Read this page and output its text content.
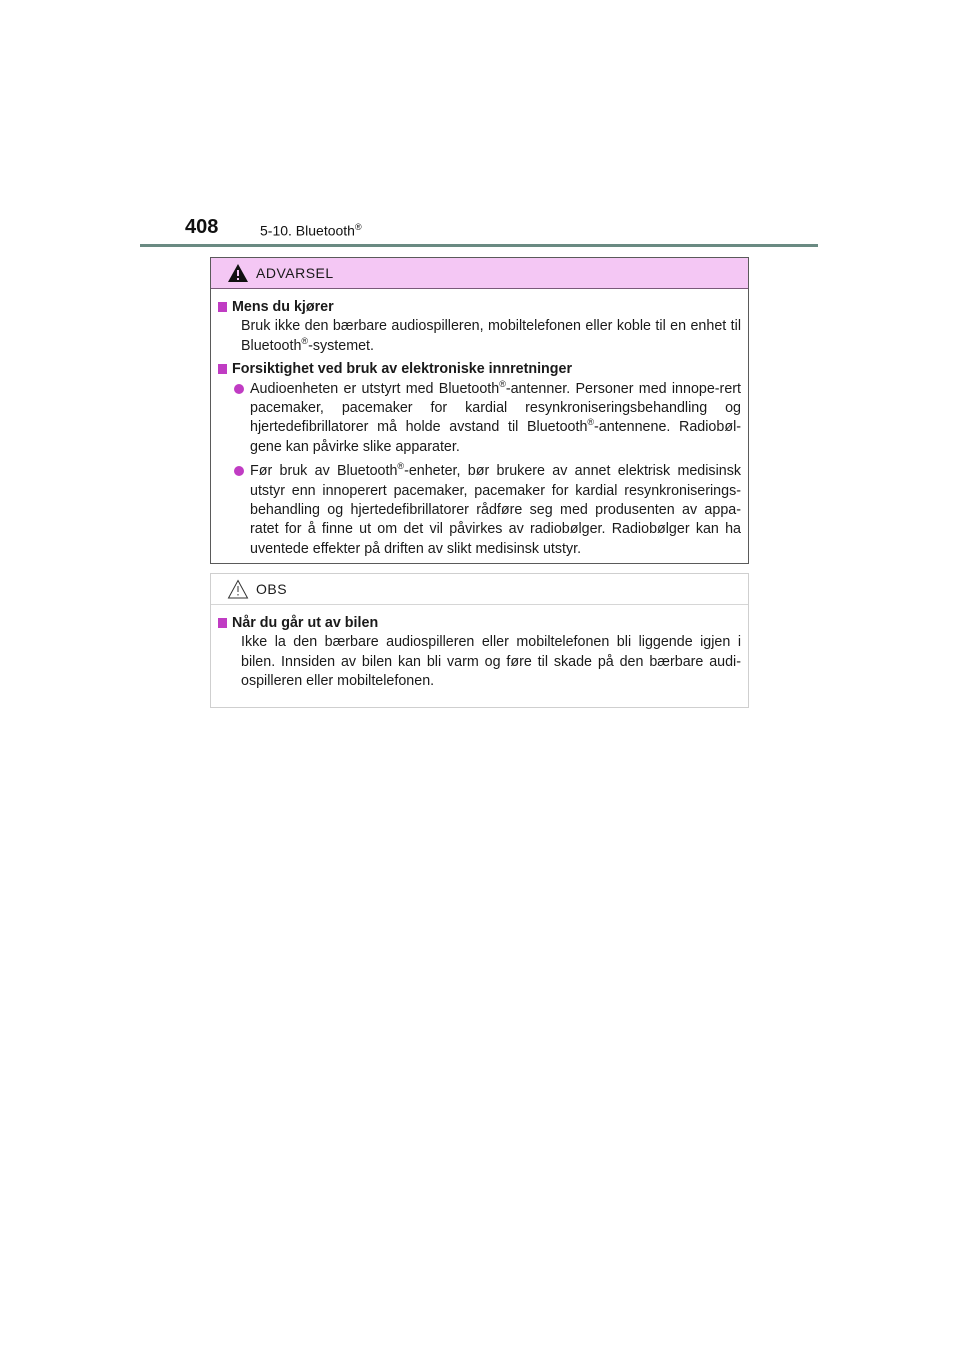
408	5-10. Bluetooth®
ADVARSEL
Mens du kjører
Bruk ikke den bærbare audiospilleren, mobiltelefonen eller koble til en enhet til Bluetooth®-systemet.
Forsiktighet ved bruk av elektroniske innretninger
Audioenheten er utstyrt med Bluetooth®-antenner. Personer med innope-rert pacemaker, pacemaker for kardial resynkroniseringsbehandling og hjertedefibrillatorer må holde avstand til Bluetooth®-antennene. Radiobøl-gene kan påvirke slike apparater.
Før bruk av Bluetooth®-enheter, bør brukere av annet elektrisk medisinsk utstyr enn innoperert pacemaker, pacemaker for kardial resynkroniserings-behandling og hjertedefibrillatorer rådføre seg med produsenten av appa-ratet for å finne ut om det vil påvirkes av radiobølger. Radiobølger kan ha uventede effekter på driften av slikt medisinsk utstyr.
OBS
Når du går ut av bilen
Ikke la den bærbare audiospilleren eller mobiltelefonen bli liggende igjen i bilen. Innsiden av bilen kan bli varm og føre til skade på den bærbare audi-ospilleren eller mobiltelefonen.
